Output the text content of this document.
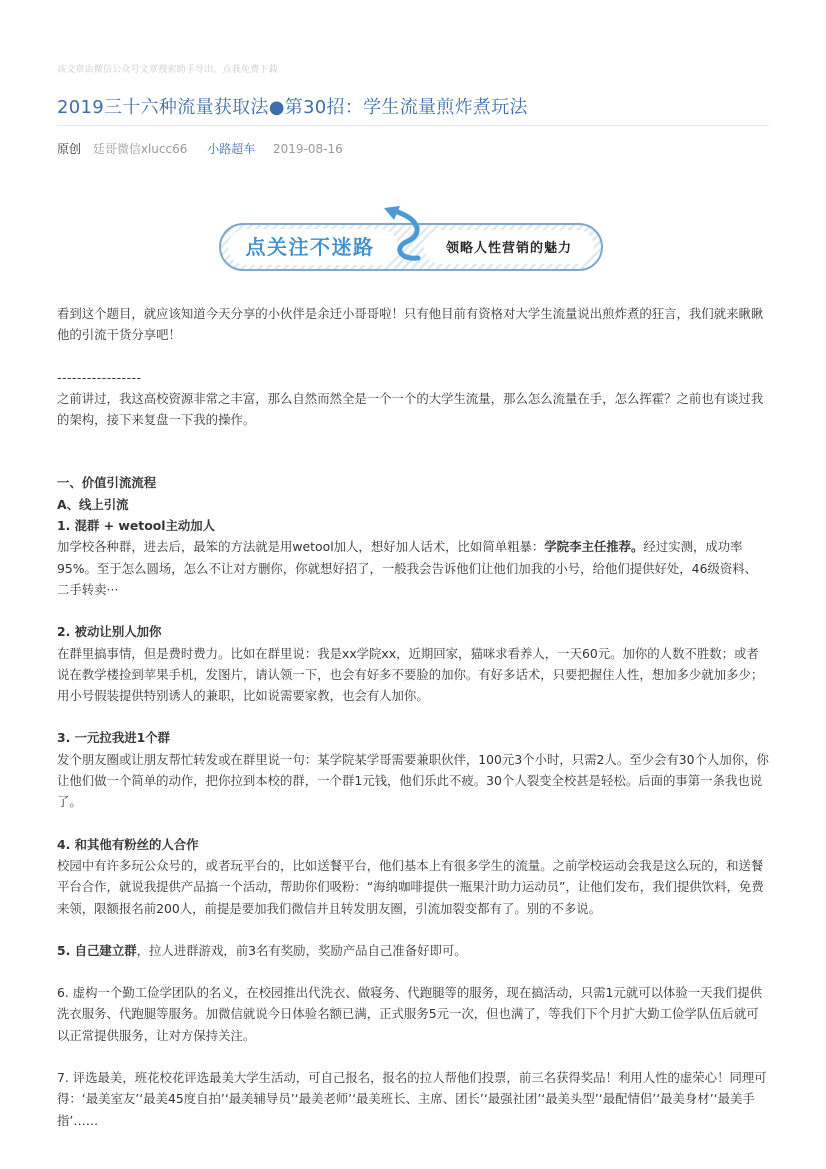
该文章由微信公众号文章搜索助手导出，点我免费下载
2019三十六种流量获取法●第30招：学生流量煎炸煮玩法
原创 廷哥微信xlucc66 小路超车 2019-08-16
点关注不迷路	领略人性营销的魅力

看到这个题目，就应该知道今天分享的小伙伴是余迁小哥哥啦！只有他目前有资格对大学生流量说出煎炸煮的狂言，我们就来瞅瞅他的引流干货分享吧！

-----------------

之前讲过，我这高校资源非常之丰富，那么自然而然全是一个一个的大学生流量，那么怎么流量在手，怎么挥霍？之前也有谈过我的架构，接下来复盘一下我的操作。

一、价值引流流程

A、线上引流

1. 混群 + wetool主动加人

加学校各种群，进去后，最笨的方法就是用wetool加人，想好加人话术，比如简单粗暴：学院李主任推荐。经过实测，成功率95%。至于怎么圆场，怎么不让对方删你，你就想好招了，一般我会告诉他们让他们加我的小号，给他们提供好处，46级资料、二手转卖···

2. 被动让别人加你

在群里搞事情，但是费时费力。比如在群里说：我是xx学院xx，近期回家，猫咪求看养人，一天60元。加你的人数不胜数；或者说在教学楼捡到苹果手机，发图片，请认领一下，也会有好多不要脸的加你。有好多话术，只要把握住人性，想加多少就加多少；用小号假装提供特别诱人的兼职，比如说需要家教，也会有人加你。

3. 一元拉我进1个群

发个朋友圈或让朋友帮忙转发或在群里说一句：某学院某学哥需要兼职伙伴，100元3个小时，只需2人。至少会有30个人加你，你让他们做一个简单的动作，把你拉到本校的群，一个群1元钱，他们乐此不疲。30个人裂变全校甚是轻松。后面的事第一条我也说了。

4. 和其他有粉丝的人合作

校园中有许多玩公众号的，或者玩平台的，比如送餐平台，他们基本上有很多学生的流量。之前学校运动会我是这么玩的，和送餐平台合作，就说我提供产品搞一个活动，帮助你们吸粉：“海纳咖啡提供一瓶果汁助力运动员”，让他们发布，我们提供饮料，免费来领，限额报名前200人，前提是要加我们微信并且转发朋友圈，引流加裂变都有了。别的不多说。

5. 自己建立群，拉人进群游戏，前3名有奖励，奖励产品自己准备好即可。

6. 虚构一个勤工俭学团队的名义，在校园推出代洗衣、做寝务、代跑腿等的服务，现在搞活动，只需1元就可以体验一天我们提供洗衣服务、代跑腿等服务。加微信就说今日体验名额已满，正式服务5元一次，但也满了，等我们下个月扩大勤工俭学队伍后就可以正常提供服务，让对方保持关注。

7. 评选最美，班花校花评选最美大学生活动，可自己报名，报名的拉人帮他们投票，前三名获得奖品！利用人性的虚荣心！同理可得：‘最美室友’‘最美45度自拍’‘最美辅导员’‘最美老师’‘最美班长、主席、团长’‘最强社团’‘最美头型’‘最配情侣’‘最美身材’‘最美手指’……
